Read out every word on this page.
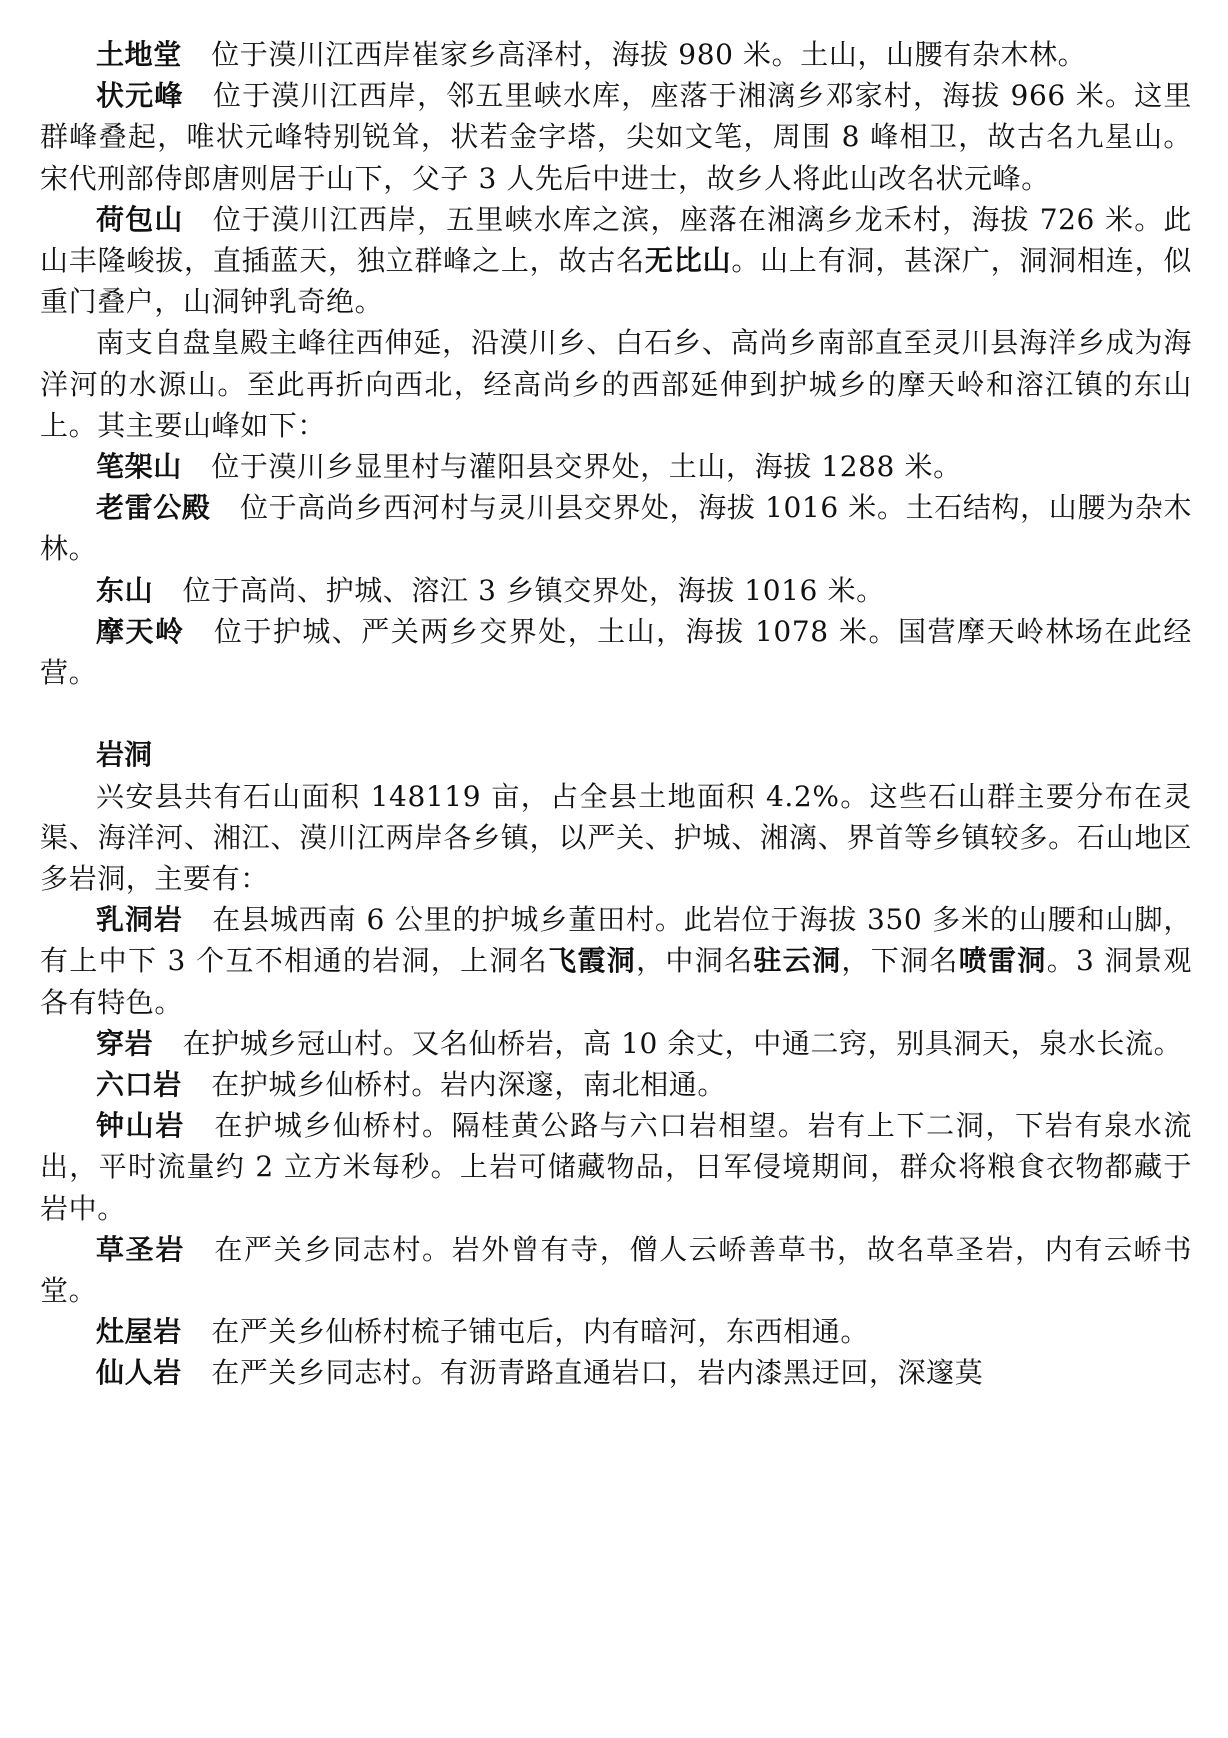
土地堂 位于漠川江西岸崔家乡高泽村，海拔 980 米。土山，山腰有杂木林。

状元峰 位于漠川江西岸，邻五里峡水库，座落于湘漓乡邓家村，海拔 966 米。这里群峰叠起，唯状元峰特别锐耸，状若金字塔，尖如文笔，周围 8 峰相卫，故古名九星山。宋代刑部侍郎唐则居于山下，父子 3 人先后中进士，故乡人将此山改名状元峰。

荷包山 位于漠川江西岸，五里峡水库之滨，座落在湘漓乡龙禾村，海拔 726 米。此山丰隆峻拔，直插蓝天，独立群峰之上，故古名无比山。山上有洞，甚深广，洞洞相连，似重门叠户，山洞钟乳奇绝。

南支自盘皇殿主峰往西伸延，沿漠川乡、白石乡、高尚乡南部直至灵川县海洋乡成为海洋河的水源山。至此再折向西北，经高尚乡的西部延伸到护城乡的摩天岭和溶江镇的东山上。其主要山峰如下：

笔架山 位于漠川乡显里村与灌阳县交界处，土山，海拔 1288 米。

老雷公殿 位于高尚乡西河村与灵川县交界处，海拔 1016 米。土石结构，山腰为杂木林。

东山 位于高尚、护城、溶江 3 乡镇交界处，海拔 1016 米。

摩天岭 位于护城、严关两乡交界处，土山，海拔 1078 米。国营摩天岭林场在此经营。

岩洞

兴安县共有石山面积 148119 亩，占全县土地面积 4.2%。这些石山群主要分布在灵渠、海洋河、湘江、漠川江两岸各乡镇，以严关、护城、湘漓、界首等乡镇较多。石山地区多岩洞，主要有：

乳洞岩 在县城西南 6 公里的护城乡董田村。此岩位于海拔 350 多米的山腰和山脚，有上中下 3 个互不相通的岩洞，上洞名飞霞洞，中洞名驻云洞，下洞名喷雷洞。3 洞景观各有特色。

穿岩 在护城乡冠山村。又名仙桥岩，高 10 余丈，中通二窍，别具洞天，泉水长流。

六口岩 在护城乡仙桥村。岩内深邃，南北相通。

钟山岩 在护城乡仙桥村。隔桂黄公路与六口岩相望。岩有上下二洞，下岩有泉水流出，平时流量约 2 立方米每秒。上岩可储藏物品，日军侵境期间，群众将粮食衣物都藏于岩中。

草圣岩 在严关乡同志村。岩外曾有寺，僧人云峤善草书，故名草圣岩，内有云峤书堂。

灶屋岩 在严关乡仙桥村梳子铺屯后，内有暗河，东西相通。

仙人岩 在严关乡同志村。有沥青路直通岩口，岩内漆黑迂回，深邃莫
